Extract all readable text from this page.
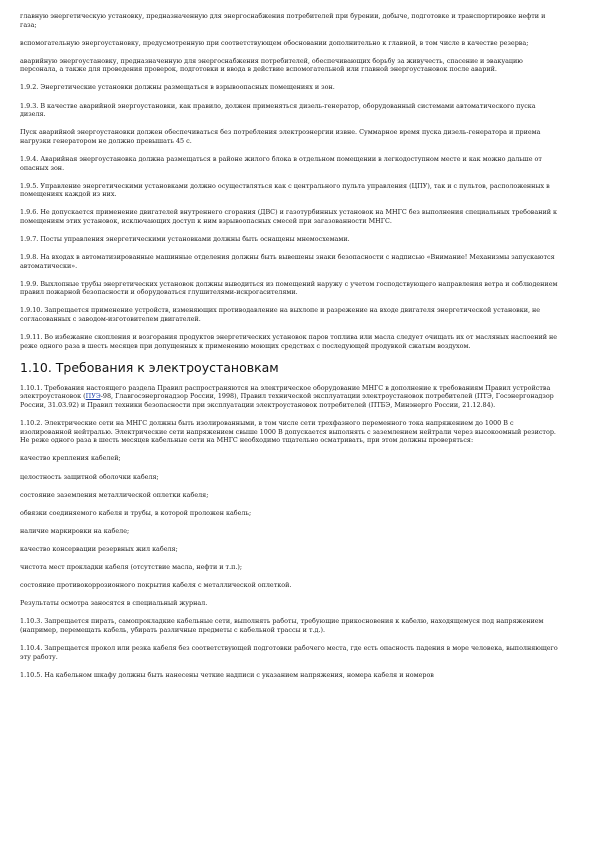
главную энергетическую установку, предназначенную для энергоснабжения потребителей при бурении, добыче, подготовке и транспортировке нефти и газа;

вспомогательную энергоустановку, предусмотренную при соответствующем обосновании дополнительно к главной, в том числе в качестве резерва;

аварийную энергоустановку, предназначенную для энергоснабжения потребителей, обеспечивающих борьбу за живучесть, спасение и эвакуацию персонала, а также для проведения проверок, подготовки и ввода в действие вспомогательной или главной энергоустановок после аварий.

1.9.2. Энергетические установки должны размещаться в взрывоопасных помещениях и зон.

1.9.3. В качестве аварийной энергоустановки, как правило, должен применяться дизель-генератор, оборудованный системами автоматического пуска дизеля.

Пуск аварийной энергоустановки должен обеспечиваться без потребления электроэнергии извне. Суммарное время пуска дизель-генератора и приема нагрузки генератором не должно превышать 45 с.

1.9.4. Аварийная энергоустановка должна размещаться в районе жилого блока в отдельном помещении в легкодоступном месте и как можно дальше от опасных зон.

1.9.5. Управление энергетическими установками должно осуществляться как с центрального пульта управления (ЦПУ), так и с пультов, расположенных в помещениях каждой из них.

1.9.6. Не допускается применение двигателей внутреннего сгорания (ДВС) и газотурбинных установок на МНГС без выполнения специальных требований к помещениям этих установок, исключающих доступ к ним взрывоопасных смесей при загазованности МНГС.

1.9.7. Посты управления энергетическими установками должны быть оснащены мнемосхемами.

1.9.8. На входах в автоматизированные машинные отделения должны быть вывешены знаки безопасности с надписью «Внимание! Механизмы запускаются автоматически».

1.9.9. Выхлопные трубы энергетических установок должны выводиться из помещений наружу с учетом господствующего направления ветра и соблюдением правил пожарной безопасности и оборудоваться глушителями-искрогасителями.

1.9.10. Запрещается применение устройств, изменяющих противодавление на выхлопе и разрежение на входе двигателя энергетической установки, не согласованных с заводом-изготовителем двигателей.

1.9.11. Во избежание скопления и возгорания продуктов энергетических установок паров топлива или масла следует очищать их от масляных наслоений не реже одного раза в шесть месяцев при допущенных к применению моющих средствах с последующей продувкой сжатым воздухом.

1.10. Требования к электроустановкам

1.10.1. Требования настоящего раздела Правил распространяются на электрическое оборудование МНГС в дополнение к требованиям Правил устройства электроустановок (ПУЭ-98, Главгосэнергонадзор России, 1998), Правил технической эксплуатации электроустановок потребителей (ПТЭ, Госэнергонадзор России, 31.03.92) и Правил техники безопасности при эксплуатации электроустановок потребителей (ПТБЭ, Минэнерго России, 21.12.84).

1.10.2. Электрические сети на МНГС должны быть изолированными, в том числе сети трехфазного переменного тока напряжением до 1000 В с изолированной нейтралью. Электрические сети напряжением свыше 1000 В допускается выполнять с заземлением нейтрали через высокоомный резистор. Не реже одного раза в шесть месяцев кабельные сети на МНГС необходимо тщательно осматривать, при этом должны проверяться:

качество крепления кабелей;

целостность защитной оболочки кабеля;

состояние заземления металлической оплетки кабеля;

обвязки соединяемого кабеля и трубы, в которой проложен кабель;

наличие маркировки на кабеле;

качество консервации резервных жил кабеля;

чистота мест прокладки кабеля (отсутствие масла, нефти и т.п.);

состояние противокоррозионного покрытия кабеля с металлической оплеткой.

Результаты осмотра заносятся в специальный журнал.

1.10.3. Запрещается пирать, самопрокладкие кабельные сети, выполнять работы, требующие прикосновения к кабелю, находящемуся под напряжением (например, перемещать кабель, убирать различные предметы с кабельной трассы и т.д.).

1.10.4. Запрещается прокол или резка кабеля без соответствующей подготовки рабочего места, где есть опасность падения в море человека, выполняющего эту работу.

1.10.5. На кабельном шкафу должны быть нанесены четкие надписи с указанием напряжения, номера кабеля и номеров
